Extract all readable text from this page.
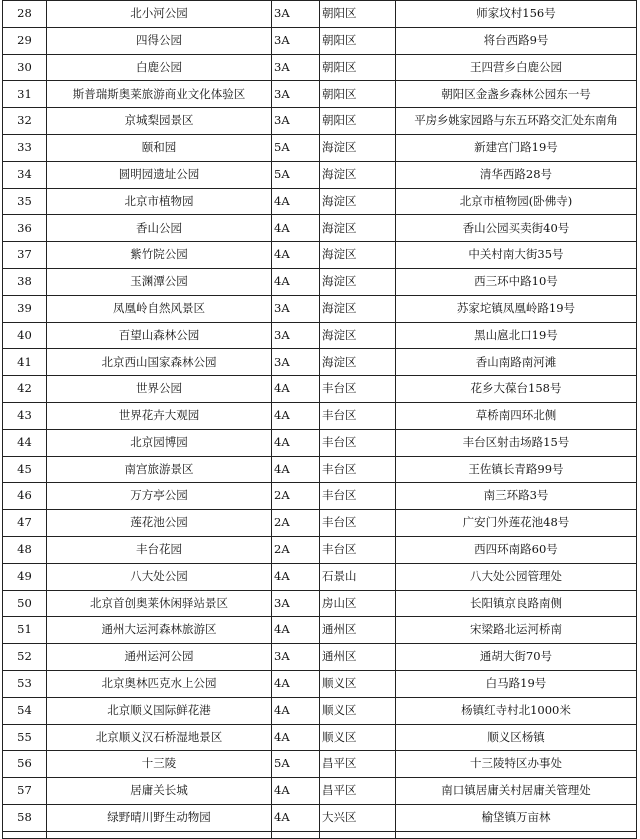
28	北小河公园	3A	朝阳区	师家坟村156号
29	四得公园	3A	朝阳区	将台西路9号
30	白鹿公园	3A	朝阳区	王四营乡白鹿公园
31	斯普瑞斯奥莱旅游商业文化体验区	3A	朝阳区	朝阳区金盏乡森林公园东一号
32	京城梨园景区	3A	朝阳区	平房乡姚家园路与东五环路交汇处东南角
33	颐和园	5A	海淀区	新建宫门路19号
34	圆明园遗址公园	5A	海淀区	清华西路28号
35	北京市植物园	4A	海淀区	北京市植物园(卧佛寺)
36	香山公园	4A	海淀区	香山公园买卖街40号
37	紫竹院公园	4A	海淀区	中关村南大街35号
38	玉渊潭公园	4A	海淀区	西三环中路10号
39	凤凰岭自然风景区	3A	海淀区	苏家坨镇凤凰岭路19号
40	百望山森林公园	3A	海淀区	黑山扈北口19号
41	北京西山国家森林公园	3A	海淀区	香山南路南河滩
42	世界公园	4A	丰台区	花乡大葆台158号
43	世界花卉大观园	4A	丰台区	草桥南四环北侧
44	北京园博园	4A	丰台区	丰台区射击场路15号
45	南宫旅游景区	4A	丰台区	王佐镇长青路99号
46	万方亭公园	2A	丰台区	南三环路3号
47	莲花池公园	2A	丰台区	广安门外莲花池48号
48	丰台花园	2A	丰台区	西四环南路60号
49	八大处公园	4A	石景山	八大处公园管理处
50	北京首创奥莱休闲驿站景区	3A	房山区	长阳镇京良路南侧
51	通州大运河森林旅游区	4A	通州区	宋梁路北运河桥南
52	通州运河公园	3A	通州区	通胡大街70号
53	北京奥林匹克水上公园	4A	顺义区	白马路19号
54	北京顺义国际鲜花港	4A	顺义区	杨镇红寺村北1000米
55	北京顺义汉石桥湿地景区	4A	顺义区	顺义区杨镇
56	十三陵	5A	昌平区	十三陵特区办事处
57	居庸关长城	4A	昌平区	南口镇居庸关村居庸关管理处
58	绿野晴川野生动物园	4A	大兴区	榆垡镇万亩林
